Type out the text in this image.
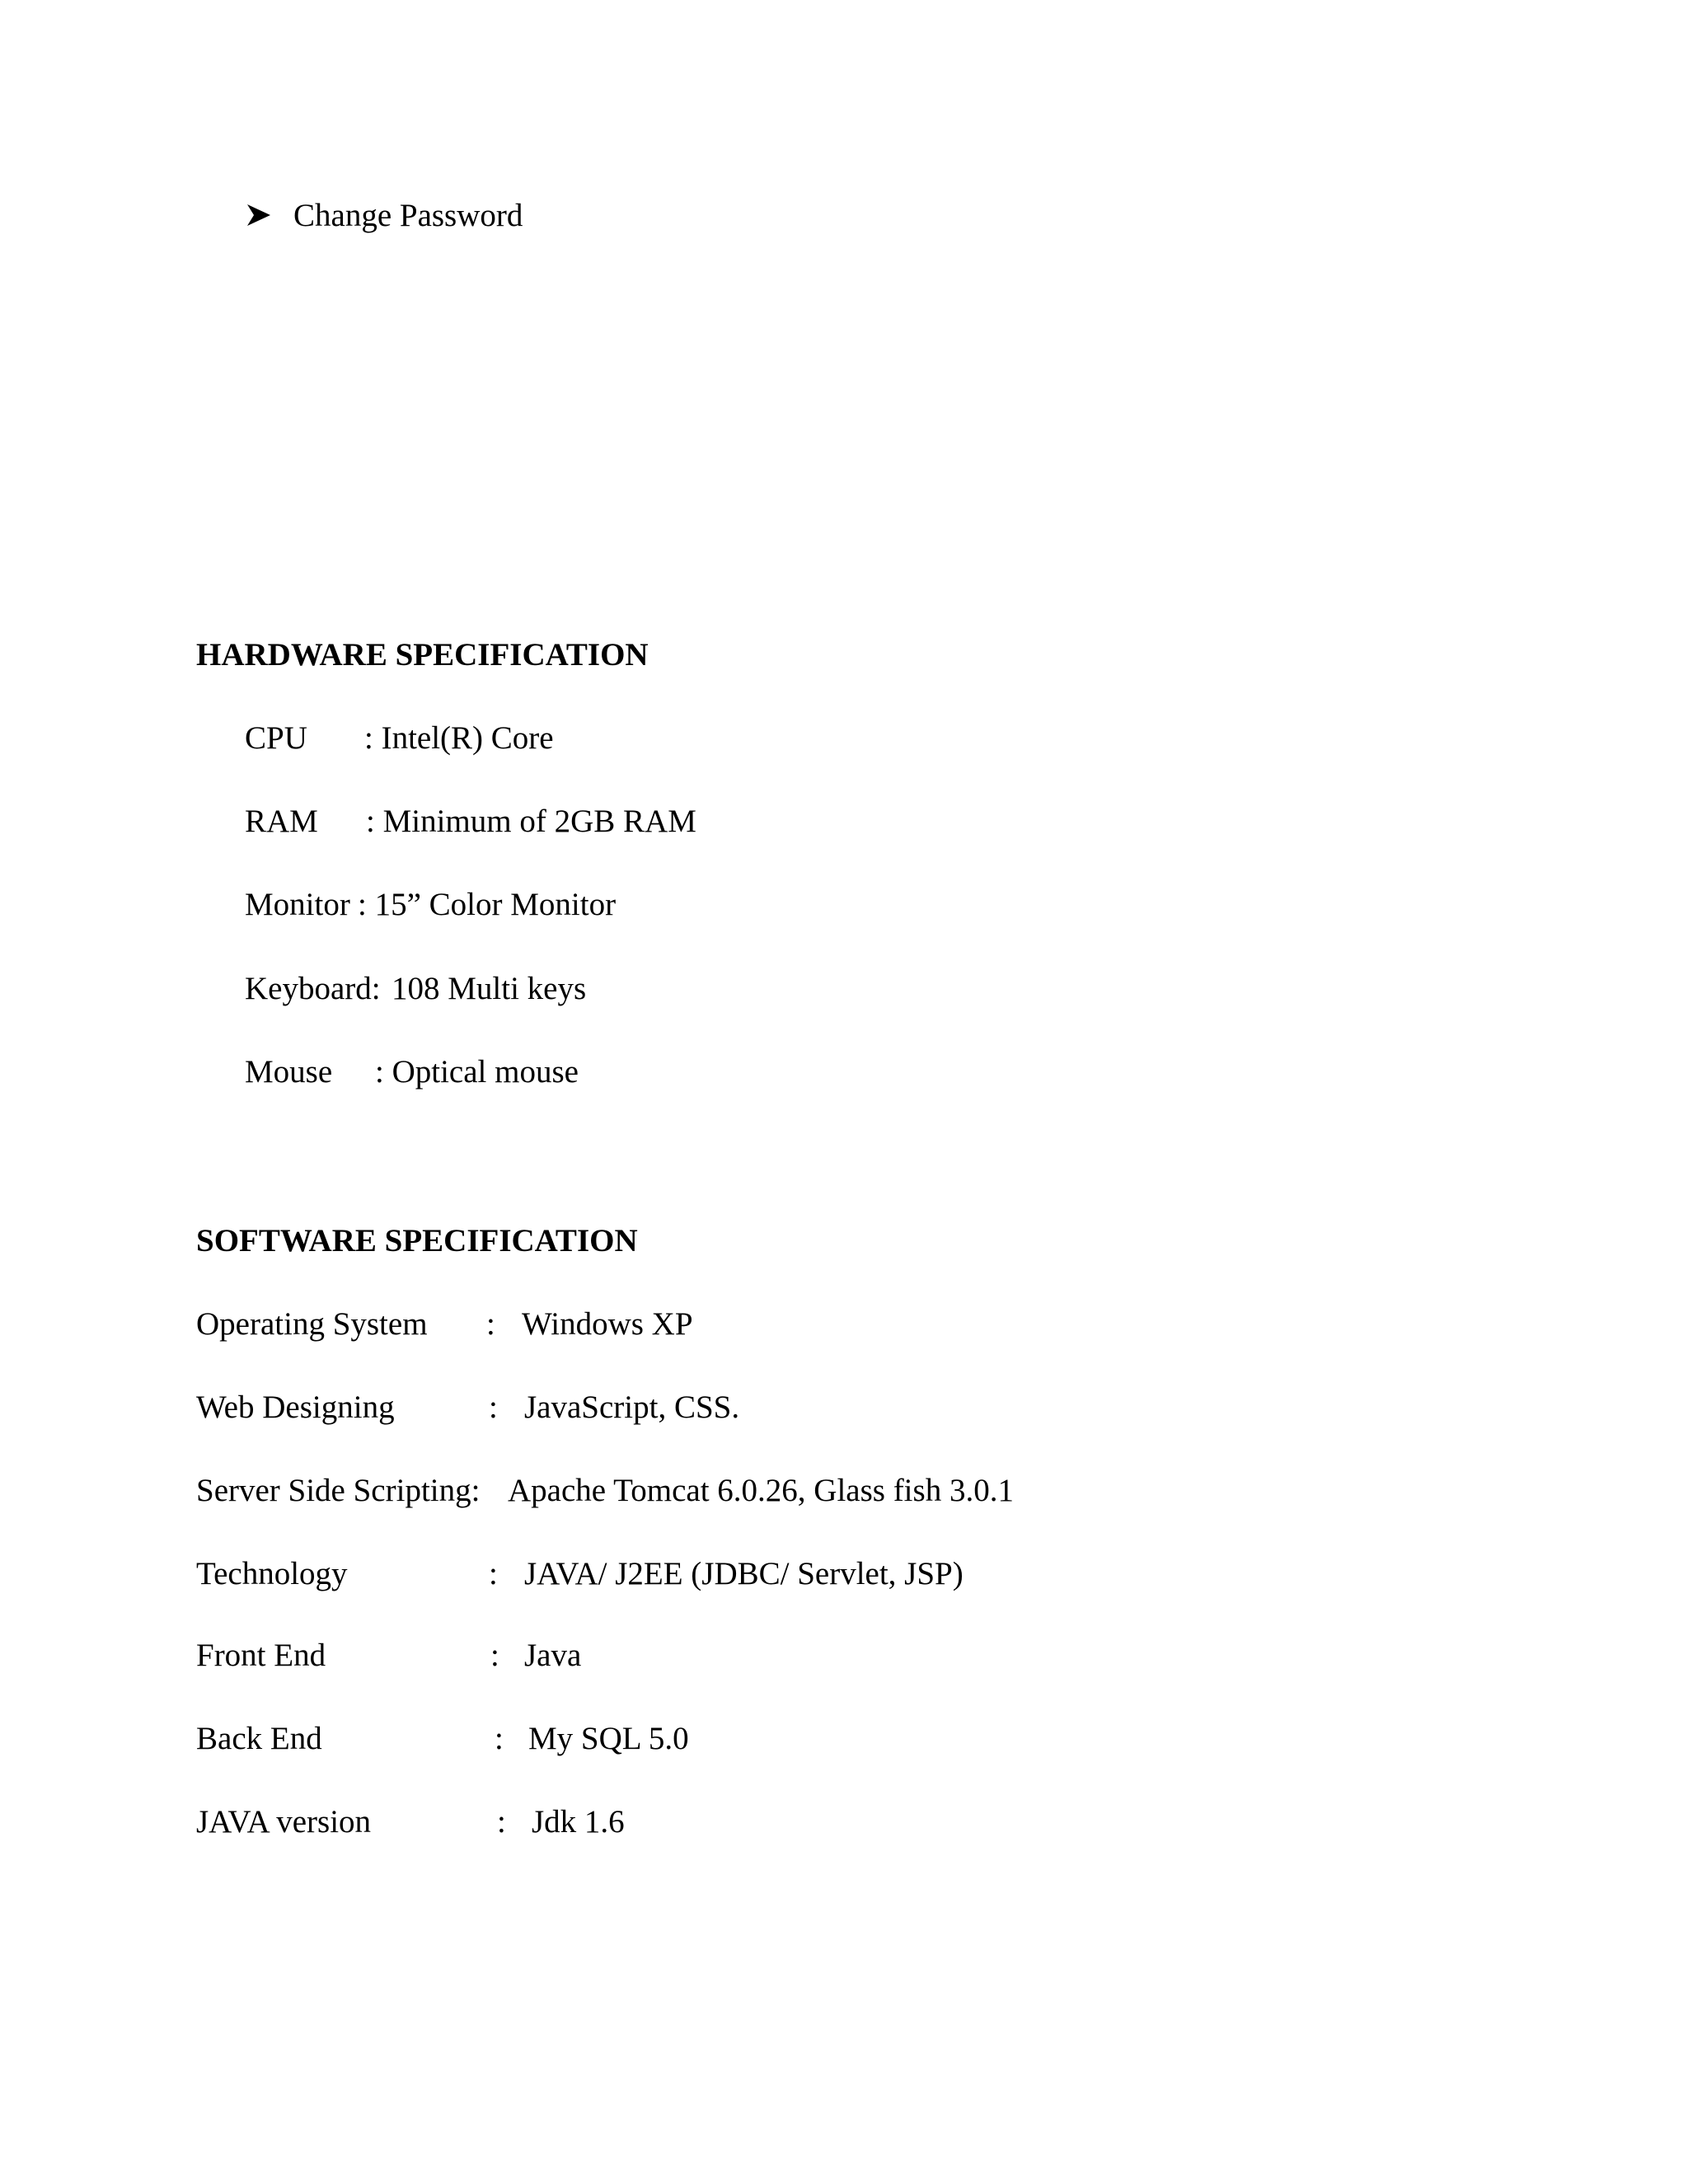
Change Password
HARDWARE SPECIFICATION
CPU : Intel(R) Core
RAM : Minimum of 2GB RAM
Monitor : 15” Color Monitor
Keyboard: 108 Multi keys
Mouse : Optical mouse
SOFTWARE SPECIFICATION
Operating System : Windows XP
Web Designing	: JavaScript, CSS.
Server Side Scripting: Apache Tomcat 6.0.26, Glass fish 3.0.1
Technology	: JAVA/ J2EE (JDBC/ Servlet, JSP)
Front End	: Java
Back End	: My SQL 5.0
JAVA version	: Jdk 1.6
